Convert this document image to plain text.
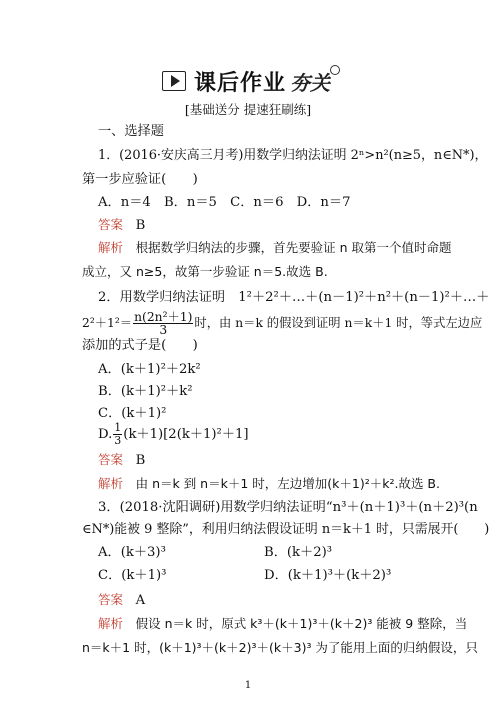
课后作业 夯关
[基础送分 提速狂刷练]
一、选择题
1．(2016·安庆高三月考)用数学归纳法证明 2ⁿ>n²(n≥5，n∈N*)，
第一步应验证(　　)
A．n＝4　B．n＝5　C．n＝6　D．n＝7
答案 B
解析 根据数学归纳法的步骤，首先要验证 n 取第一个值时命题
成立，又 n≥5，故第一步验证 n＝5.故选 B.
2．用数学归纳法证明　1²＋2²＋…＋(n－1)²＋n²＋(n－1)²＋…＋
$2^2+1^2= \frac{\text{n(2n²＋1)}}{3}$ 时，由 n＝k 的假设到证明 n＝k＋1 时，等式左边应
添加的式子是(　　)
A．(k＋1)²＋2k²
B．(k＋1)²＋k²
C．(k＋1)²
D. $\frac{1}{3} (k+1)[2(k+1)^2+1]$
答案 B
解析 由 n＝k 到 n＝k＋1 时，左边增加(k＋1)²＋k².故选 B.
3．(2018·沈阳调研)用数学归纳法证明“n³＋(n＋1)³＋(n＋2)³(n
∈N*)能被 9 整除”，利用归纳法假设证明 n＝k＋1 时，只需展开(　　)
A．(k＋3)³	B．(k＋2)³
C．(k＋1)³	D．(k＋1)³＋(k＋2)³
答案 A
解析 假设 n＝k 时，原式 k³＋(k＋1)³＋(k＋2)³ 能被 9 整除，当
n＝k＋1 时，(k＋1)³＋(k＋2)³＋(k＋3)³ 为了能用上面的归纳假设，只
1
